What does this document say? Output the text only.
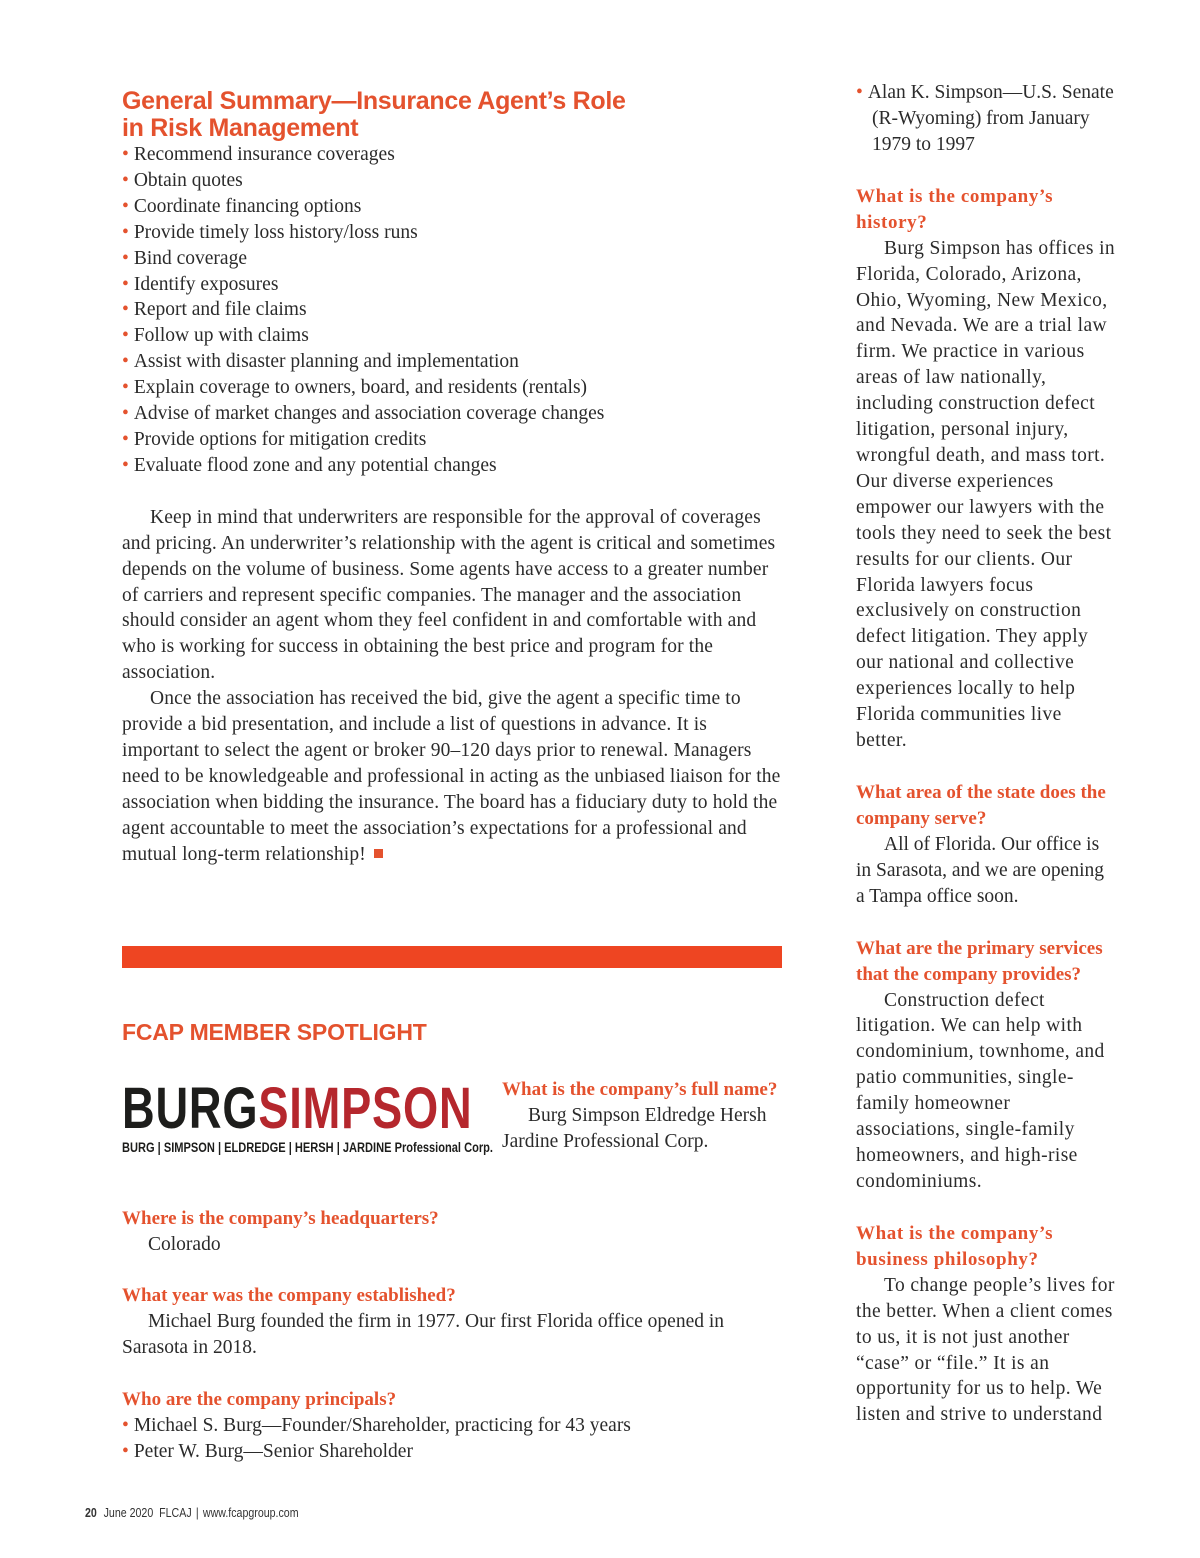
General Summary—Insurance Agent’s Role
in Risk Management
• Recommend insurance coverages
• Obtain quotes
• Coordinate financing options
• Provide timely loss history/loss runs
• Bind coverage
• Identify exposures
• Report and file claims
• Follow up with claims
• Assist with disaster planning and implementation
• Explain coverage to owners, board, and residents (rentals)
• Advise of market changes and association coverage changes
• Provide options for mitigation credits
• Evaluate flood zone and any potential changes

Keep in mind that underwriters are responsible for the approval of coverages and pricing. An underwriter’s relationship with the agent is critical and sometimes depends on the volume of business. Some agents have access to a greater number of carriers and represent specific companies. The manager and the association should consider an agent whom they feel confident in and comfortable with and who is working for success in obtaining the best price and program for the association.

Once the association has received the bid, give the agent a specific time to provide a bid presentation, and include a list of questions in advance. It is important to select the agent or broker 90–120 days prior to renewal. Managers need to be knowledgeable and professional in acting as the unbiased liaison for the association when bidding the insurance. The board has a fiduciary duty to hold the agent accountable to meet the association’s expectations for a professional and mutual long-term relationship!

FCAP MEMBER SPOTLIGHT
BURGSIMPSON
BURG | SIMPSON | ELDREDGE | HERSH | JARDINE Professional Corp.

What is the company’s full name?

Burg Simpson Eldredge Hersh Jardine Professional Corp.

Where is the company’s headquarters?

Colorado

What year was the company established?

Michael Burg founded the firm in 1977. Our first Florida office opened in Sarasota in 2018.

Who are the company principals?

• Michael S. Burg—Founder/Shareholder, practicing for 43 years
• Peter W. Burg—Senior Shareholder
• Alan K. Simpson—U.S. Senate (R-Wyoming) from January 1979 to 1997

What is the company’s history?

Burg Simpson has offices in Florida, Colorado, Arizona, Ohio, Wyoming, New Mexico, and Nevada. We are a trial law firm. We practice in various areas of law nationally, including construction defect litigation, personal injury, wrongful death, and mass tort. Our diverse experiences empower our lawyers with the tools they need to seek the best results for our clients. Our Florida lawyers focus exclusively on construction defect litigation. They apply our national and collective experiences locally to help Florida communities live better.

What area of the state does the company serve?

All of Florida. Our office is in Sarasota, and we are opening a Tampa office soon.

What are the primary services that the company provides?

Construction defect litigation. We can help with condominium, townhome, and patio communities, single-family homeowner associations, single-family homeowners, and high-rise condominiums.

What is the company’s business philosophy?

To change people’s lives for the better. When a client comes to us, it is not just another “case” or “file.” It is an opportunity for us to help. We listen and strive to understand

20 June 2020 FLCAJ | www.fcapgroup.com
